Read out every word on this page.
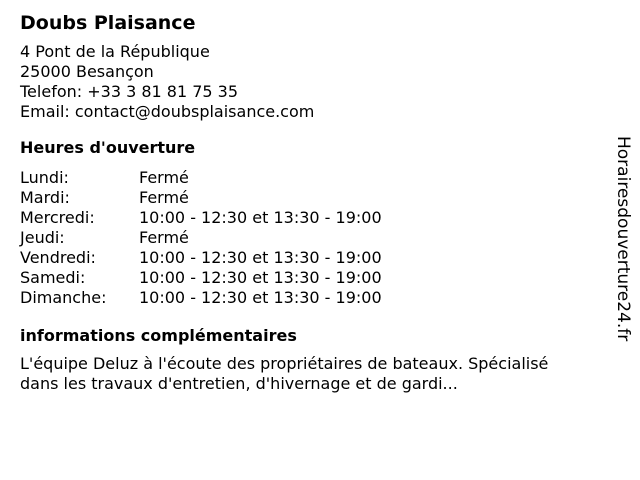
Doubs Plaisance
4 Pont de la République
25000 Besançon
Telefon: +33 3 81 81 75 35
Email: contact@doubsplaisance.com
Heures d'ouverture
Lundi:	Fermé
Mardi:	Fermé
Mercredi:	10:00 - 12:30 et 13:30 - 19:00
Jeudi:	Fermé
Vendredi:	10:00 - 12:30 et 13:30 - 19:00
Samedi:	10:00 - 12:30 et 13:30 - 19:00
Dimanche:	10:00 - 12:30 et 13:30 - 19:00
informations complémentaires
L'équipe Deluz à l'écoute des propriétaires de bateaux. Spécialisé dans les travaux d'entretien, d'hivernage et de gardi...
Horairesdouverture24.fr
